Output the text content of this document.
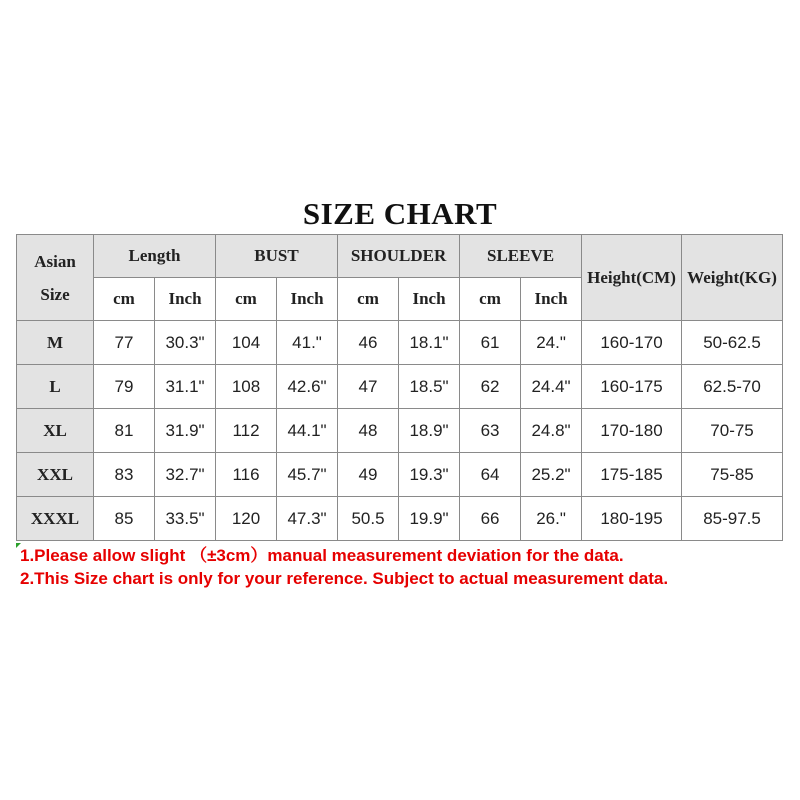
SIZE CHART
Asian
Size	Length		BUST		SHOULDER		SLEEVE		Height(CM)	Weight(KG)
	cm	Inch	cm	Inch	cm	Inch	cm	Inch		
M	77	30.3"	104	41."	46	18.1"	61	24."	160-170	50-62.5
L	79	31.1"	108	42.6"	47	18.5"	62	24.4"	160-175	62.5-70
XL	81	31.9"	112	44.1"	48	18.9"	63	24.8"	170-180	70-75
XXL	83	32.7"	116	45.7"	49	19.3"	64	25.2"	175-185	75-85
XXXL	85	33.5"	120	47.3"	50.5	19.9"	66	26."	180-195	85-97.5
1.Please allow slight （±3cm）manual measurement deviation for the data.
2.This Size chart is only for your reference. Subject to actual measurement data.
